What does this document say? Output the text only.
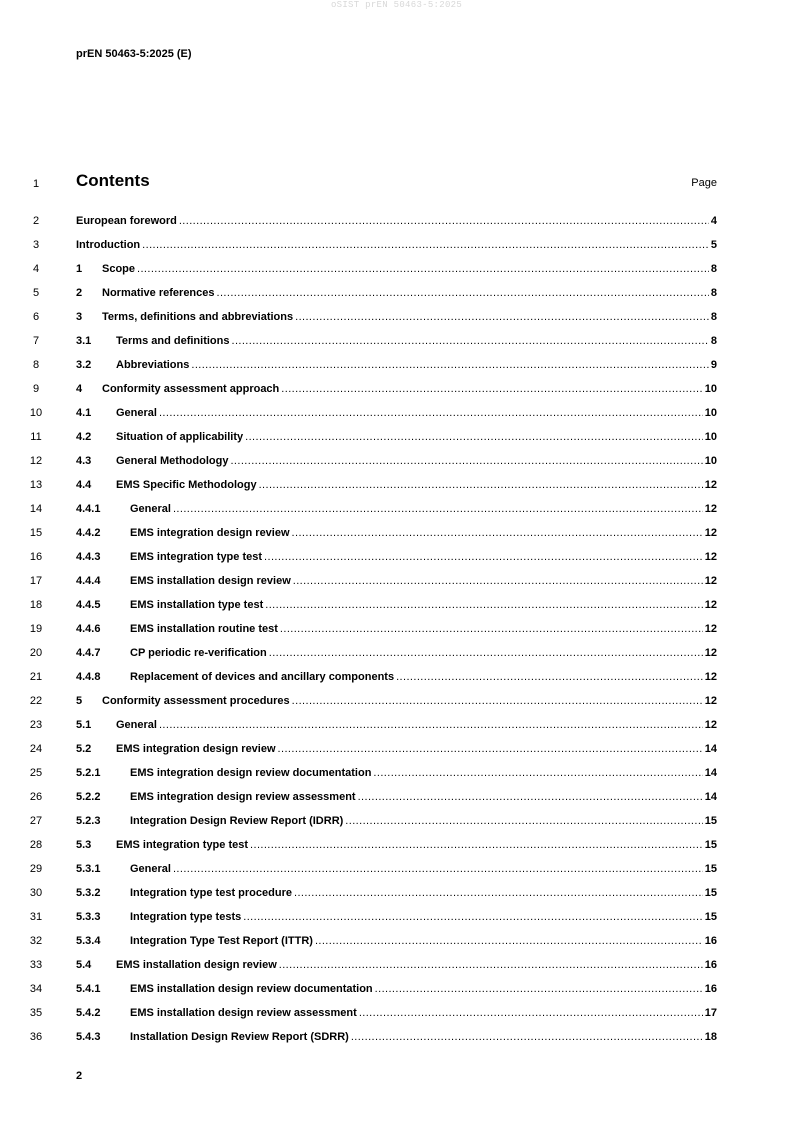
oSIST prEN 50463-5:2025
prEN 50463-5:2025 (E)
1	Contents	Page
2	European foreword .....	4
3	Introduction .....	5
4	1	Scope .....	8
5	2	Normative references .....	8
6	3	Terms, definitions and abbreviations .....	8
7	3.1	Terms and definitions .....	8
8	3.2	Abbreviations .....	9
9	4	Conformity assessment approach .....	10
10	4.1	General .....	10
11	4.2	Situation of applicability .....	10
12	4.3	General Methodology .....	10
13	4.4	EMS Specific Methodology .....	12
14	4.4.1	General .....	12
15	4.4.2	EMS integration design review .....	12
16	4.4.3	EMS integration type test .....	12
17	4.4.4	EMS installation design review .....	12
18	4.4.5	EMS installation type test .....	12
19	4.4.6	EMS installation routine test .....	12
20	4.4.7	CP periodic re-verification .....	12
21	4.4.8	Replacement of devices and ancillary components .....	12
22	5	Conformity assessment procedures .....	12
23	5.1	General .....	12
24	5.2	EMS integration design review .....	14
25	5.2.1	EMS integration design review documentation .....	14
26	5.2.2	EMS integration design review assessment .....	14
27	5.2.3	Integration Design Review Report (IDRR) .....	15
28	5.3	EMS integration type test .....	15
29	5.3.1	General .....	15
30	5.3.2	Integration type test procedure .....	15
31	5.3.3	Integration type tests .....	15
32	5.3.4	Integration Type Test Report (ITTR) .....	16
33	5.4	EMS installation design review .....	16
34	5.4.1	EMS installation design review documentation .....	16
35	5.4.2	EMS installation design review assessment .....	17
36	5.4.3	Installation Design Review Report (SDRR) .....	18
2
